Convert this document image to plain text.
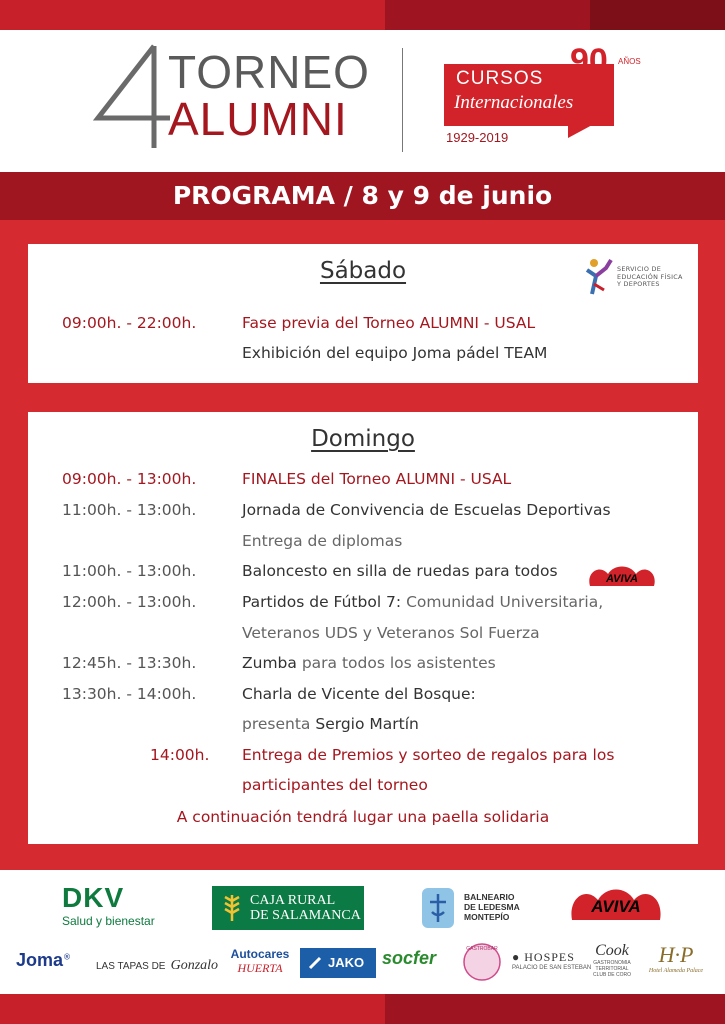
TORNEO
ALUMNI
CURSOS
Internacionales
90 AÑOS
1929-2019
PROGRAMA / 8 y 9 de junio
Sábado	SERVICIO DE
EDUCACIÓN FÍSICA
Y DEPORTES
09:00h. - 22:00h.	Fase previa del Torneo ALUMNI - USAL
Exhibición del equipo Joma pádel TEAM
Domingo
09:00h. - 13:00h.	FINALES del Torneo ALUMNI - USAL
11:00h. - 13:00h.	Jornada de Convivencia de Escuelas Deportivas
Entrega de diplomas
11:00h. - 13:00h.	Baloncesto en silla de ruedas para todos	AVIVA
12:00h. - 13:00h.	Partidos de Fútbol 7: Comunidad Universitaria,
Veteranos UDS y Veteranos Sol Fuerza
12:45h. - 13:30h.	Zumba para todos los asistentes
13:30h. - 14:00h.	Charla de Vicente del Bosque:
presenta Sergio Martín
14:00h. Entrega de Premios y sorteo de regalos para los
participantes del torneo
A continuación tendrá lugar una paella solidaria
DKV
Salud y bienestar
CAJA RURAL
DE SALAMANCA
BALNEARIO
DE LEDESMA
MONTEPÍO
AVIVA
Joma®
LAS TAPAS DE Gonzalo
Autocares
HUERTA	JAKO socfer	GASTROBAR
● HOSPES
PALACIO DE SAN ESTEBAN
Cook
GASTRONOMIA TERRITORIAL CLUB DE CORO
H·P
Hotel Alameda Palace
